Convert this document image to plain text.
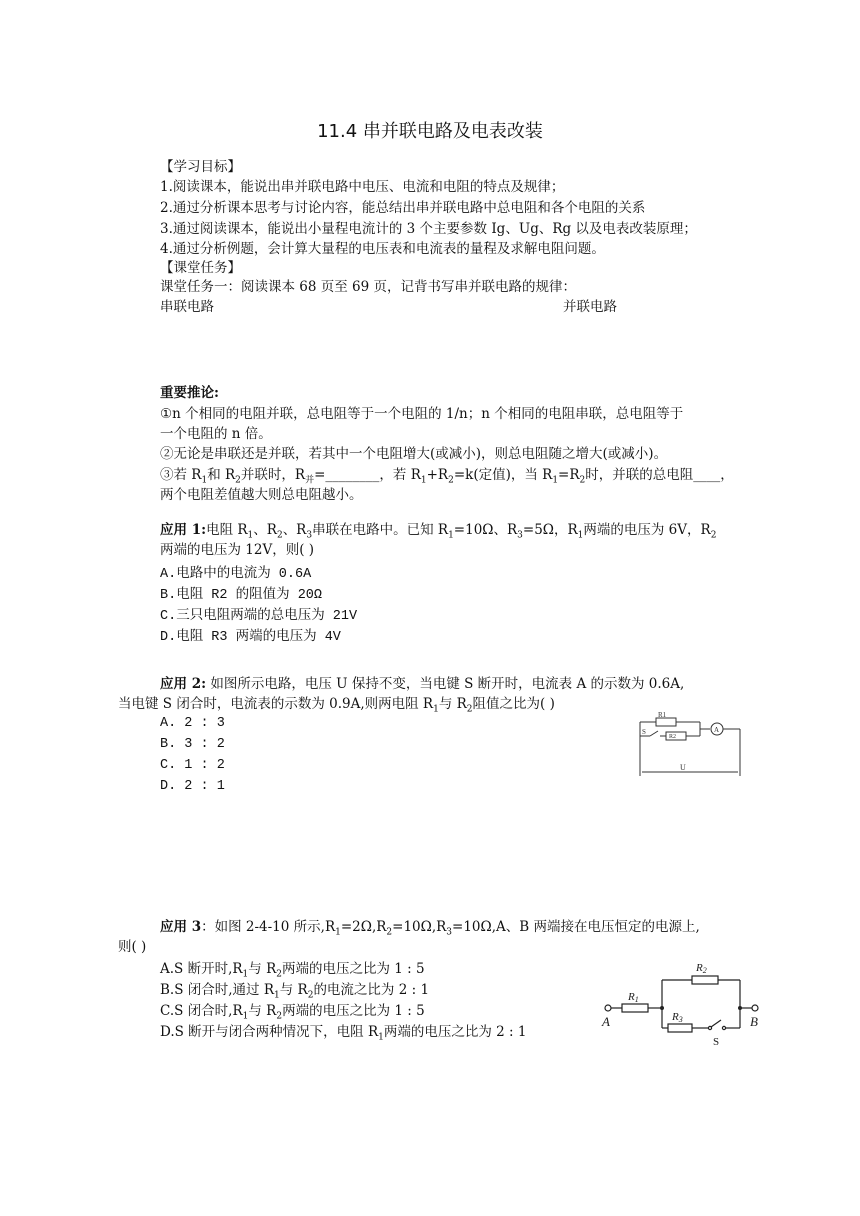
11.4 串并联电路及电表改装
【学习目标】
1.阅读课本，能说出串并联电路中电压、电流和电阻的特点及规律；
2.通过分析课本思考与讨论内容，能总结出串并联电路中总电阻和各个电阻的关系
3.通过阅读课本，能说出小量程电流计的 3 个主要参数 Ig、Ug、Rg 以及电表改装原理；
4.通过分析例题，会计算大量程的电压表和电流表的量程及求解电阻问题。
【课堂任务】
课堂任务一：阅读课本 68 页至 69 页，记背书写串并联电路的规律：
串联电路	并联电路
重要推论:
①n 个相同的电阻并联，总电阻等于一个电阻的 1/n；n 个相同的电阻串联，总电阻等于
一个电阻的 n 倍。
②无论是串联还是并联，若其中一个电阻增大(或减小)，则总电阻随之增大(或减小)。
③若 $R_1$和 $R_2$并联时，$R_并=\_\_\_\_\_\_\_\_$，若 $R_1+R_2=k$(定值)，当 $R_1=R_2$时，并联的总电阻____，
两个电阻差值越大则总电阻越小。
应用 1:电阻 $R_1$、$R_2$、$R_3$串联在电路中。已知 $R_1=10\Omega$、$R_3=5\Omega$，$R_1$两端的电压为 6V，$R_2$
两端的电压为 12V，则( )
A.电路中的电流为 0.6A
B.电阻 R2 的阻值为 20Ω
C.三只电阻两端的总电压为 21V
D.电阻 R3 两端的电压为 4V
应用 2: 如图所示电路，电压 U 保持不变，当电键 S 断开时，电流表 A 的示数为 0.6A,
当电键 S 闭合时，电流表的示数为 0.9A,则两电阻 $R_1$与 $R_2$阻值之比为( )
A. 2 : 3
B. 3 : 2
C. 1 : 2
D. 2 : 1
R1
R2
S	A
U
应用 3：如图 2-4-10 所示$,R_1=2\Omega,R_2=10\Omega,R_3=10\Omega,A$、B 两端接在电压恒定的电源上,
则( )
A.S 断开时$,R_1$与 $R_2$两端的电压之比为 1 : 5
B.S 闭合时,通过 $R_1$与 $R_2$的电流之比为 2 : 1
C.S 闭合时$,R_1$与 $R_2$两端的电压之比为 1 : 5
D.S 断开与闭合两种情况下，电阻 $R_1$两端的电压之比为 2 : 1
A	B
R1
R2
R3
S
